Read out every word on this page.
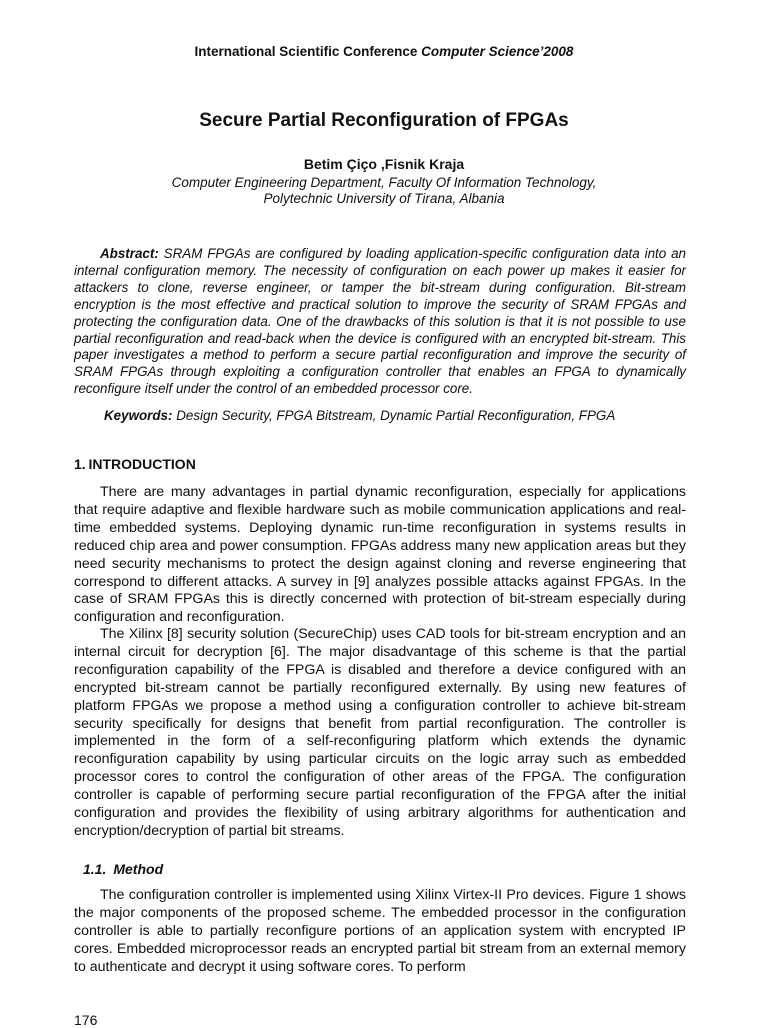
International Scientific Conference Computer Science’2008
Secure Partial Reconfiguration of FPGAs
Betim Çiço ,Fisnik Kraja
Computer Engineering Department, Faculty Of Information Technology,
Polytechnic University of Tirana, Albania

Abstract: SRAM FPGAs are configured by loading application-specific configuration data into an internal configuration memory. The necessity of configuration on each power up makes it easier for attackers to clone, reverse engineer, or tamper the bit-stream during configuration. Bit-stream encryption is the most effective and practical solution to improve the security of SRAM FPGAs and protecting the configuration data. One of the drawbacks of this solution is that it is not possible to use partial reconfiguration and read-back when the device is configured with an encrypted bit-stream. This paper investigates a method to perform a secure partial reconfiguration and improve the security of SRAM FPGAs through exploiting a configuration controller that enables an FPGA to dynamically reconfigure itself under the control of an embedded processor core.

Keywords: Design Security, FPGA Bitstream, Dynamic Partial Reconfiguration, FPGA

1. INTRODUCTION

There are many advantages in partial dynamic reconfiguration, especially for applications that require adaptive and flexible hardware such as mobile communication applications and real-time embedded systems. Deploying dynamic run-time reconfiguration in systems results in reduced chip area and power consumption. FPGAs address many new application areas but they need security mechanisms to protect the design against cloning and reverse engineering that correspond to different attacks. A survey in [9] analyzes possible attacks against FPGAs. In the case of SRAM FPGAs this is directly concerned with protection of bit-stream especially during configuration and reconfiguration.

The Xilinx [8] security solution (SecureChip) uses CAD tools for bit-stream encryption and an internal circuit for decryption [6]. The major disadvantage of this scheme is that the partial reconfiguration capability of the FPGA is disabled and therefore a device configured with an encrypted bit-stream cannot be partially reconfigured externally. By using new features of platform FPGAs we propose a method using a configuration controller to achieve bit-stream security specifically for designs that benefit from partial reconfiguration. The controller is implemented in the form of a self-reconfiguring platform which extends the dynamic reconfiguration capability by using particular circuits on the logic array such as embedded processor cores to control the configuration of other areas of the FPGA. The configuration controller is capable of performing secure partial reconfiguration of the FPGA after the initial configuration and provides the flexibility of using arbitrary algorithms for authentication and encryption/decryption of partial bit streams.

1.1. Method

The configuration controller is implemented using Xilinx Virtex-II Pro devices. Figure 1 shows the major components of the proposed scheme. The embedded processor in the configuration controller is able to partially reconfigure portions of an application system with encrypted IP cores. Embedded microprocessor reads an encrypted partial bit stream from an external memory to authenticate and decrypt it using software cores. To perform

176
